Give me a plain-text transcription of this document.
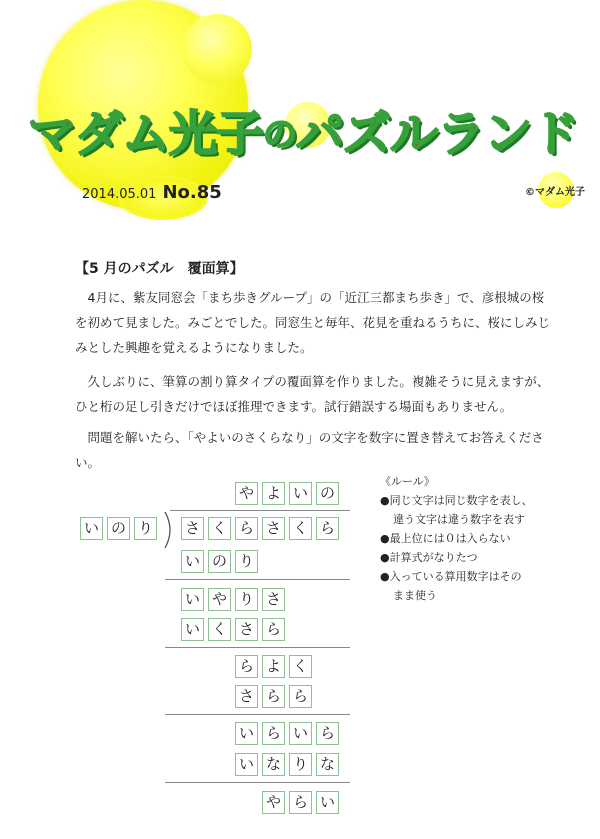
マダム光子のパズルランド
2014.05.01 No.85	©マダム光子
【5 月のパズル　覆面算】

4月に、紫友同窓会「まち歩きグループ」の「近江三都まち歩き」で、彦根城の桜を初めて見ました。みごとでした。同窓生と毎年、花見を重ねるうちに、桜にしみじみとした興趣を覚えるようになりました。

久しぶりに、筆算の割り算タイプの覆面算を作りました。複雑そうに見えますが、ひと桁の足し引きだけでほぼ推理できます。試行錯誤する場面もありません。

問題を解いたら、「やよいのさくらなり」の文字を数字に置き替えてお答えください。

や よ い の
い の り さ く ら さ く ら
い の り
い や り さ
い く さ ら
ら よ く
さ ら ら
い ら い ら
い な り な
や ら い
《ルール》
●同じ文字は同じ数字を表し、
違う文字は違う数字を表す
●最上位には０は入らない
●計算式がなりたつ
●入っている算用数字はその
まま使う
